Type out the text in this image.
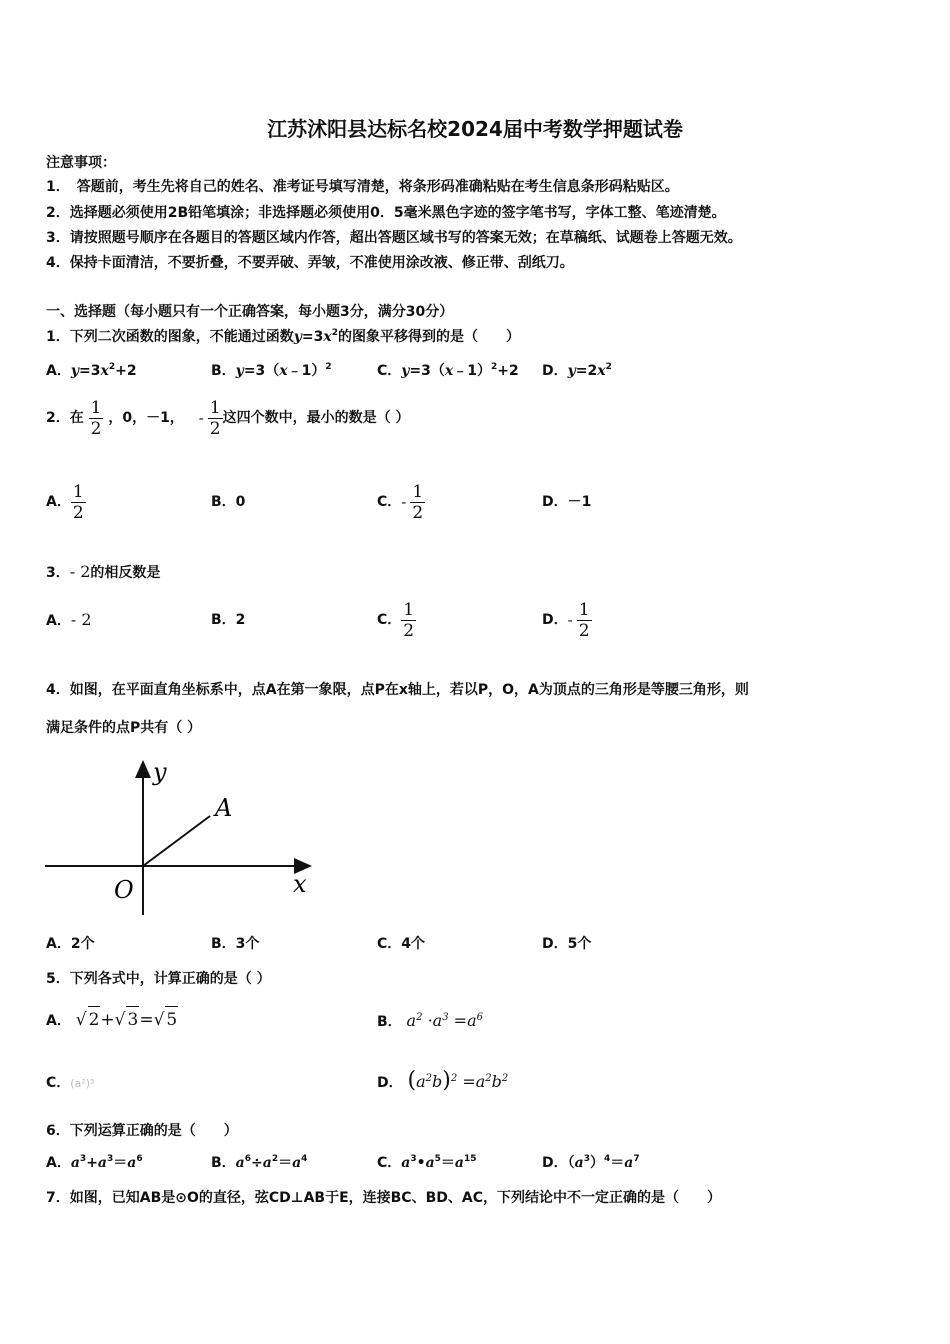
江苏沭阳县达标名校2024届中考数学押题试卷
注意事项：
1．　答题前，考生先将自己的姓名、准考证号填写清楚，将条形码准确粘贴在考生信息条形码粘贴区。
2．选择题必须使用2B铅笔填涂；非选择题必须使用0．5毫米黑色字迹的签字笔书写，字体工整、笔迹清楚。
3．请按照题号顺序在各题目的答题区域内作答，超出答题区域书写的答案无效；在草稿纸、试题卷上答题无效。
4．保持卡面清洁，不要折叠，不要弄破、弄皱，不准使用涂改液、修正带、刮纸刀。
一、选择题（每小题只有一个正确答案，每小题3分，满分30分）
1．下列二次函数的图象，不能通过函数$y=3x^2$的图象平移得到的是（　　）
A．$y=3x^2+2$	B．y=3（x﹣1）$^2$	C．y=3（x﹣1）$^2$+2 D．$y=2x^2$
2．在 $\frac{1}{2}$ ，0，－1， - $\frac{1}{2}$ 这四个数中，最小的数是（ ）
A． $\frac{1}{2}$	B．0	C．- $\frac{1}{2}$	D．－1
3．- 2的相反数是
A．- 2	B．2	C． $\frac{1}{2}$	D．- $\frac{1}{2}$
4．如图，在平面直角坐标系中，点A在第一象限，点P在x轴上，若以P，O，A为顶点的三角形是等腰三角形，则
满足条件的点P共有（ ）
y
x
O
A
A．2个	B．3个	C．4个	D．5个
5．下列各式中，计算正确的是（ ）
A． √ 2+√ 3=√ 5	B． $a^2 \cdot a^3 =a^6$
C．(a²)³	D． $(a^2b)^2 =a^2b^2$
6．下列运算正确的是（　　）
A．$a^3+a^3=a^6$	B．$a^6\div a^2=a^4$	C．$a^3•a^5=a^{15}$	D．$(a^3)^4=a^7$
7．如图，已知AB是⊙O的直径，弦CD⊥AB于E，连接BC、BD、AC，下列结论中不一定正确的是（　　）
